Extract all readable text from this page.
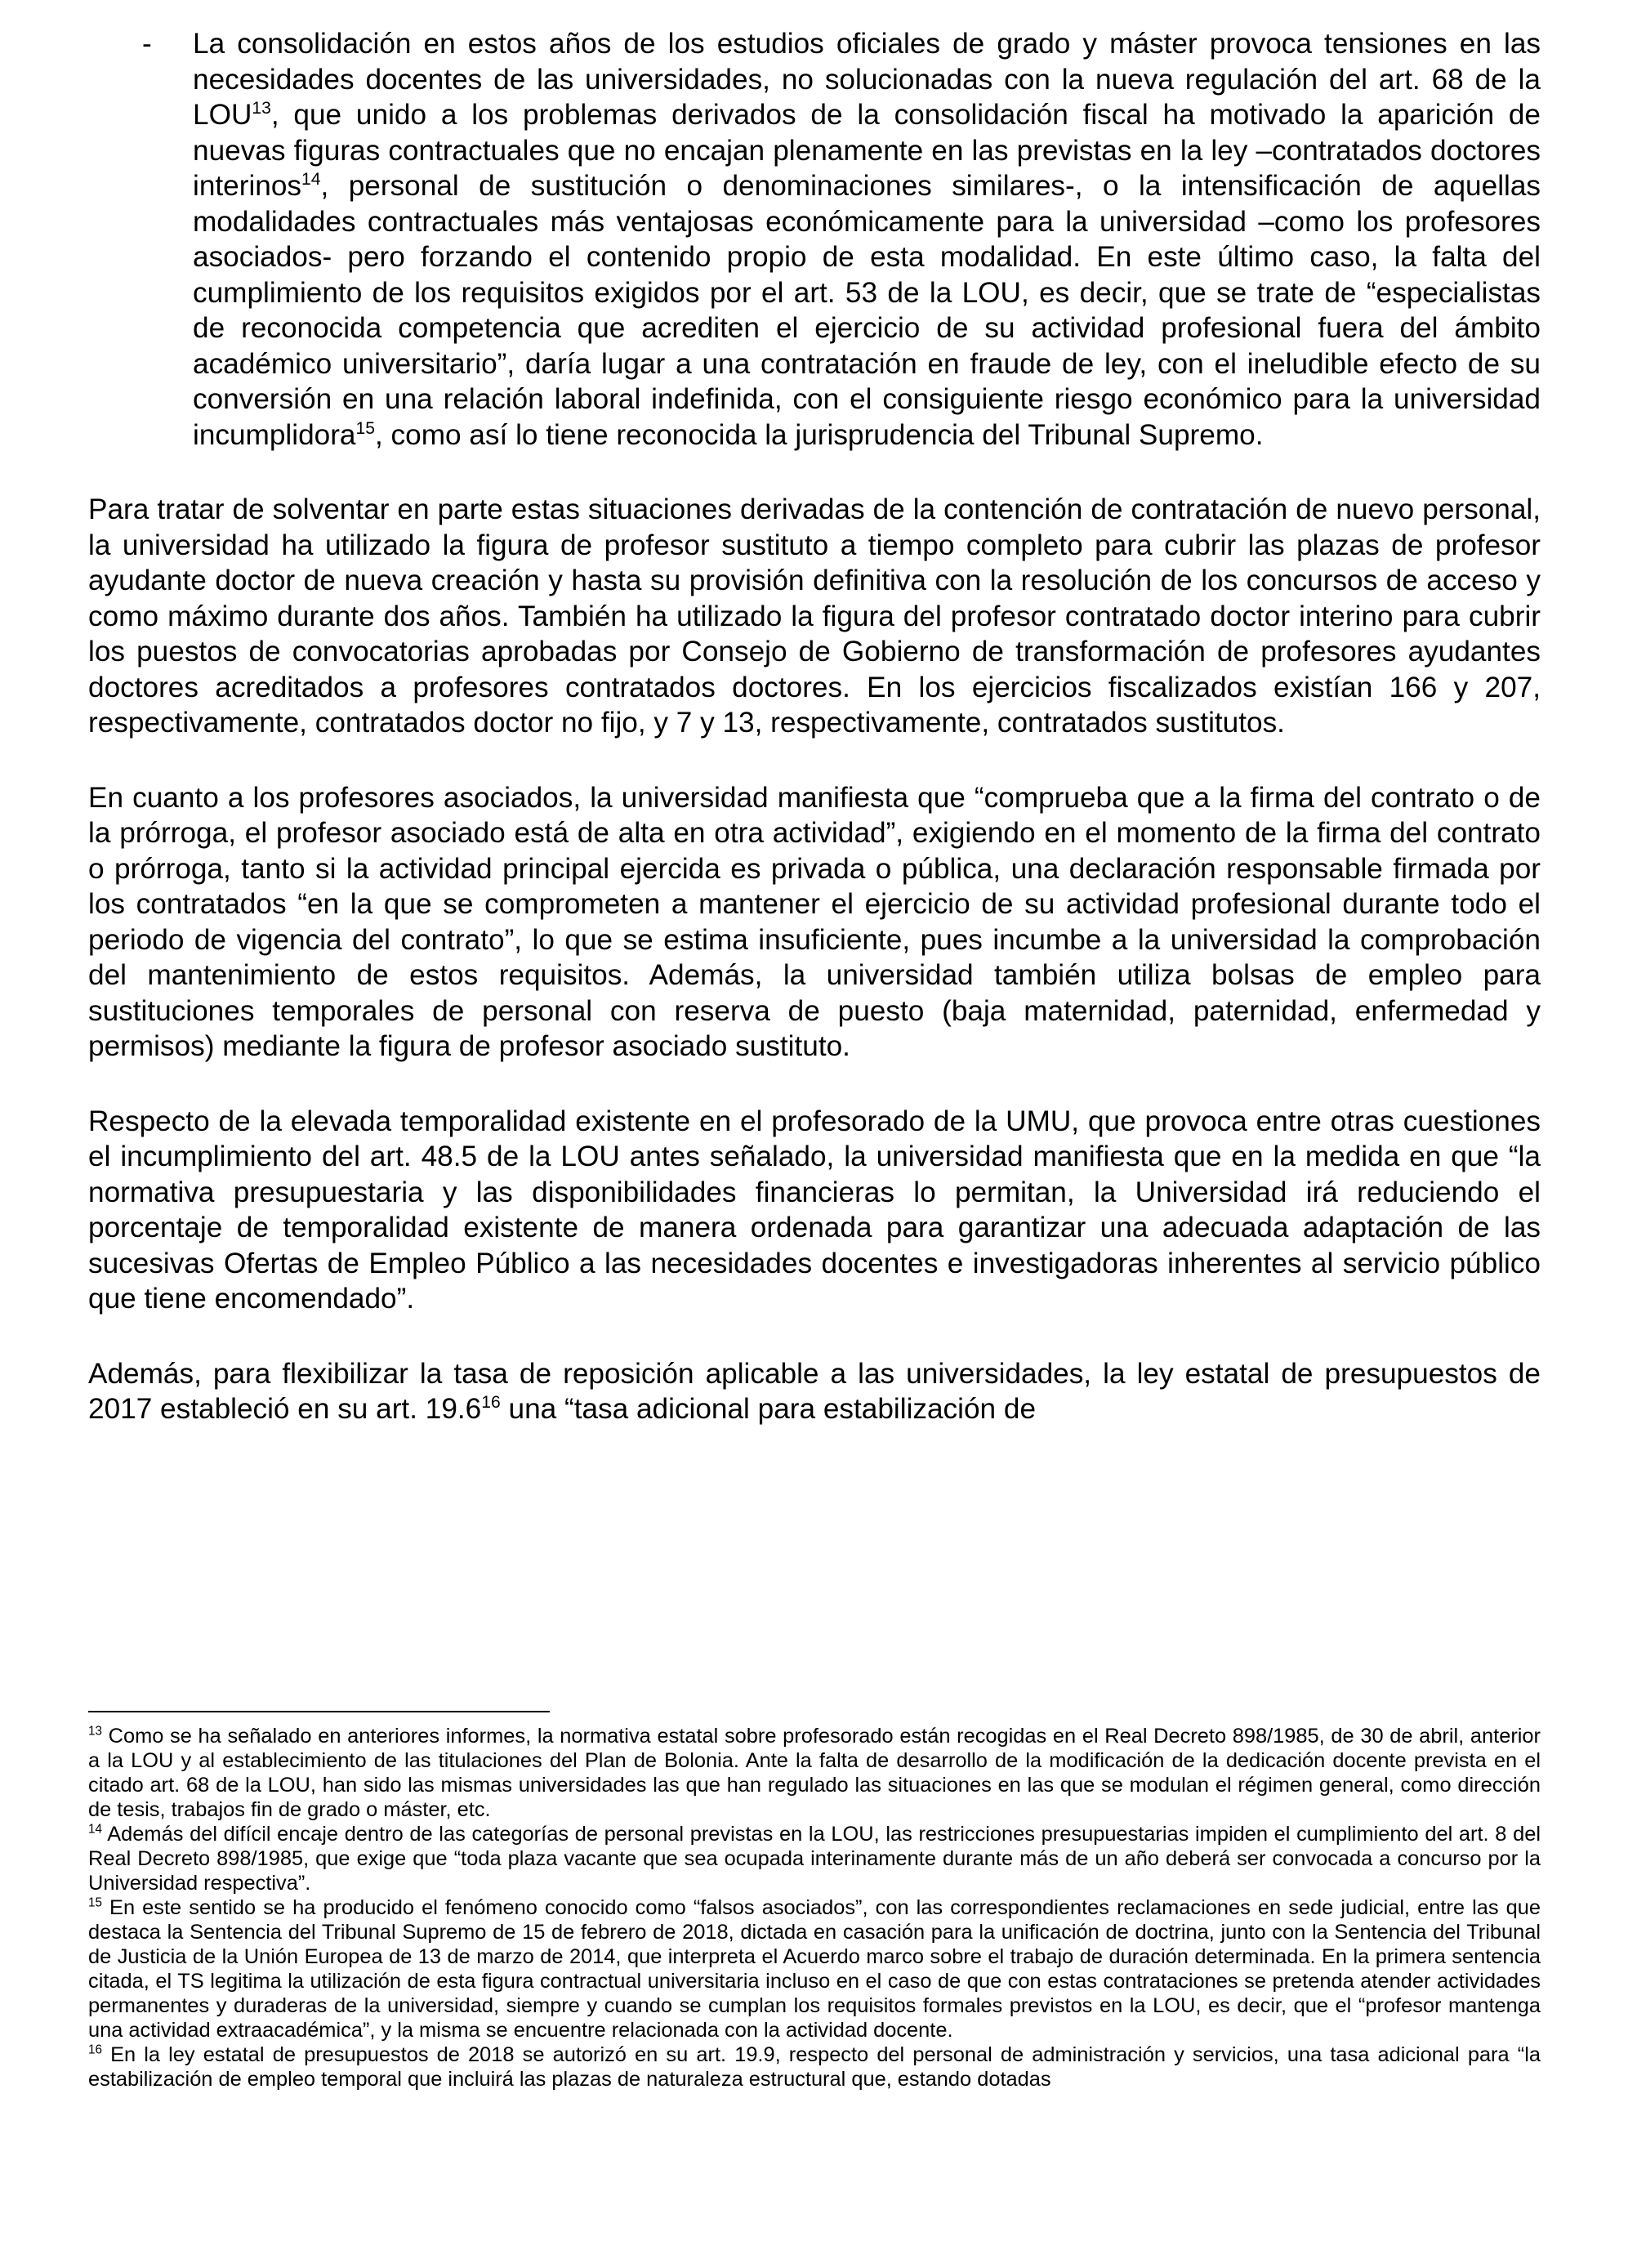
-	La consolidación en estos años de los estudios oficiales de grado y máster provoca tensiones en las necesidades docentes de las universidades, no solucionadas con la nueva regulación del art. 68 de la LOU$^{13}$, que unido a los problemas derivados de la consolidación fiscal ha motivado la aparición de nuevas figuras contractuales que no encajan plenamente en las previstas en la ley –contratados doctores interinos$^{14}$, personal de sustitución o denominaciones similares-, o la intensificación de aquellas modalidades contractuales más ventajosas económicamente para la universidad –como los profesores asociados- pero forzando el contenido propio de esta modalidad. En este último caso, la falta del cumplimiento de los requisitos exigidos por el art. 53 de la LOU, es decir, que se trate de “especialistas de reconocida competencia que acrediten el ejercicio de su actividad profesional fuera del ámbito académico universitario”, daría lugar a una contratación en fraude de ley, con el ineludible efecto de su conversión en una relación laboral indefinida, con el consiguiente riesgo económico para la universidad incumplidora$^{15}$, como así lo tiene reconocida la jurisprudencia del Tribunal Supremo.

Para tratar de solventar en parte estas situaciones derivadas de la contención de contratación de nuevo personal, la universidad ha utilizado la figura de profesor sustituto a tiempo completo para cubrir las plazas de profesor ayudante doctor de nueva creación y hasta su provisión definitiva con la resolución de los concursos de acceso y como máximo durante dos años. También ha utilizado la figura del profesor contratado doctor interino para cubrir los puestos de convocatorias aprobadas por Consejo de Gobierno de transformación de profesores ayudantes doctores acreditados a profesores contratados doctores. En los ejercicios fiscalizados existían 166 y 207, respectivamente, contratados doctor no fijo, y 7 y 13, respectivamente, contratados sustitutos.

En cuanto a los profesores asociados, la universidad manifiesta que “comprueba que a la firma del contrato o de la prórroga, el profesor asociado está de alta en otra actividad”, exigiendo en el momento de la firma del contrato o prórroga, tanto si la actividad principal ejercida es privada o pública, una declaración responsable firmada por los contratados “en la que se comprometen a mantener el ejercicio de su actividad profesional durante todo el periodo de vigencia del contrato”, lo que se estima insuficiente, pues incumbe a la universidad la comprobación del mantenimiento de estos requisitos. Además, la universidad también utiliza bolsas de empleo para sustituciones temporales de personal con reserva de puesto (baja maternidad, paternidad, enfermedad y permisos) mediante la figura de profesor asociado sustituto.

Respecto de la elevada temporalidad existente en el profesorado de la UMU, que provoca entre otras cuestiones el incumplimiento del art. 48.5 de la LOU antes señalado, la universidad manifiesta que en la medida en que “la normativa presupuestaria y las disponibilidades financieras lo permitan, la Universidad irá reduciendo el porcentaje de temporalidad existente de manera ordenada para garantizar una adecuada adaptación de las sucesivas Ofertas de Empleo Público a las necesidades docentes e investigadoras inherentes al servicio público que tiene encomendado”.

Además, para flexibilizar la tasa de reposición aplicable a las universidades, la ley estatal de presupuestos de 2017 estableció en su art. 19.6$^{16}$ una “tasa adicional para estabilización de

$^{13}$ Como se ha señalado en anteriores informes, la normativa estatal sobre profesorado están recogidas en el Real Decreto 898/1985, de 30 de abril, anterior a la LOU y al establecimiento de las titulaciones del Plan de Bolonia. Ante la falta de desarrollo de la modificación de la dedicación docente prevista en el citado art. 68 de la LOU, han sido las mismas universidades las que han regulado las situaciones en las que se modulan el régimen general, como dirección de tesis, trabajos fin de grado o máster, etc.

$^{14}$ Además del difícil encaje dentro de las categorías de personal previstas en la LOU, las restricciones presupuestarias impiden el cumplimiento del art. 8 del Real Decreto 898/1985, que exige que “toda plaza vacante que sea ocupada interinamente durante más de un año deberá ser convocada a concurso por la Universidad respectiva”.

$^{15}$ En este sentido se ha producido el fenómeno conocido como “falsos asociados”, con las correspondientes reclamaciones en sede judicial, entre las que destaca la Sentencia del Tribunal Supremo de 15 de febrero de 2018, dictada en casación para la unificación de doctrina, junto con la Sentencia del Tribunal de Justicia de la Unión Europea de 13 de marzo de 2014, que interpreta el Acuerdo marco sobre el trabajo de duración determinada. En la primera sentencia citada, el TS legitima la utilización de esta figura contractual universitaria incluso en el caso de que con estas contrataciones se pretenda atender actividades permanentes y duraderas de la universidad, siempre y cuando se cumplan los requisitos formales previstos en la LOU, es decir, que el “profesor mantenga una actividad extraacadémica”, y la misma se encuentre relacionada con la actividad docente.

$^{16}$ En la ley estatal de presupuestos de 2018 se autorizó en su art. 19.9, respecto del personal de administración y servicios, una tasa adicional para “la estabilización de empleo temporal que incluirá las plazas de naturaleza estructural que, estando dotadas
